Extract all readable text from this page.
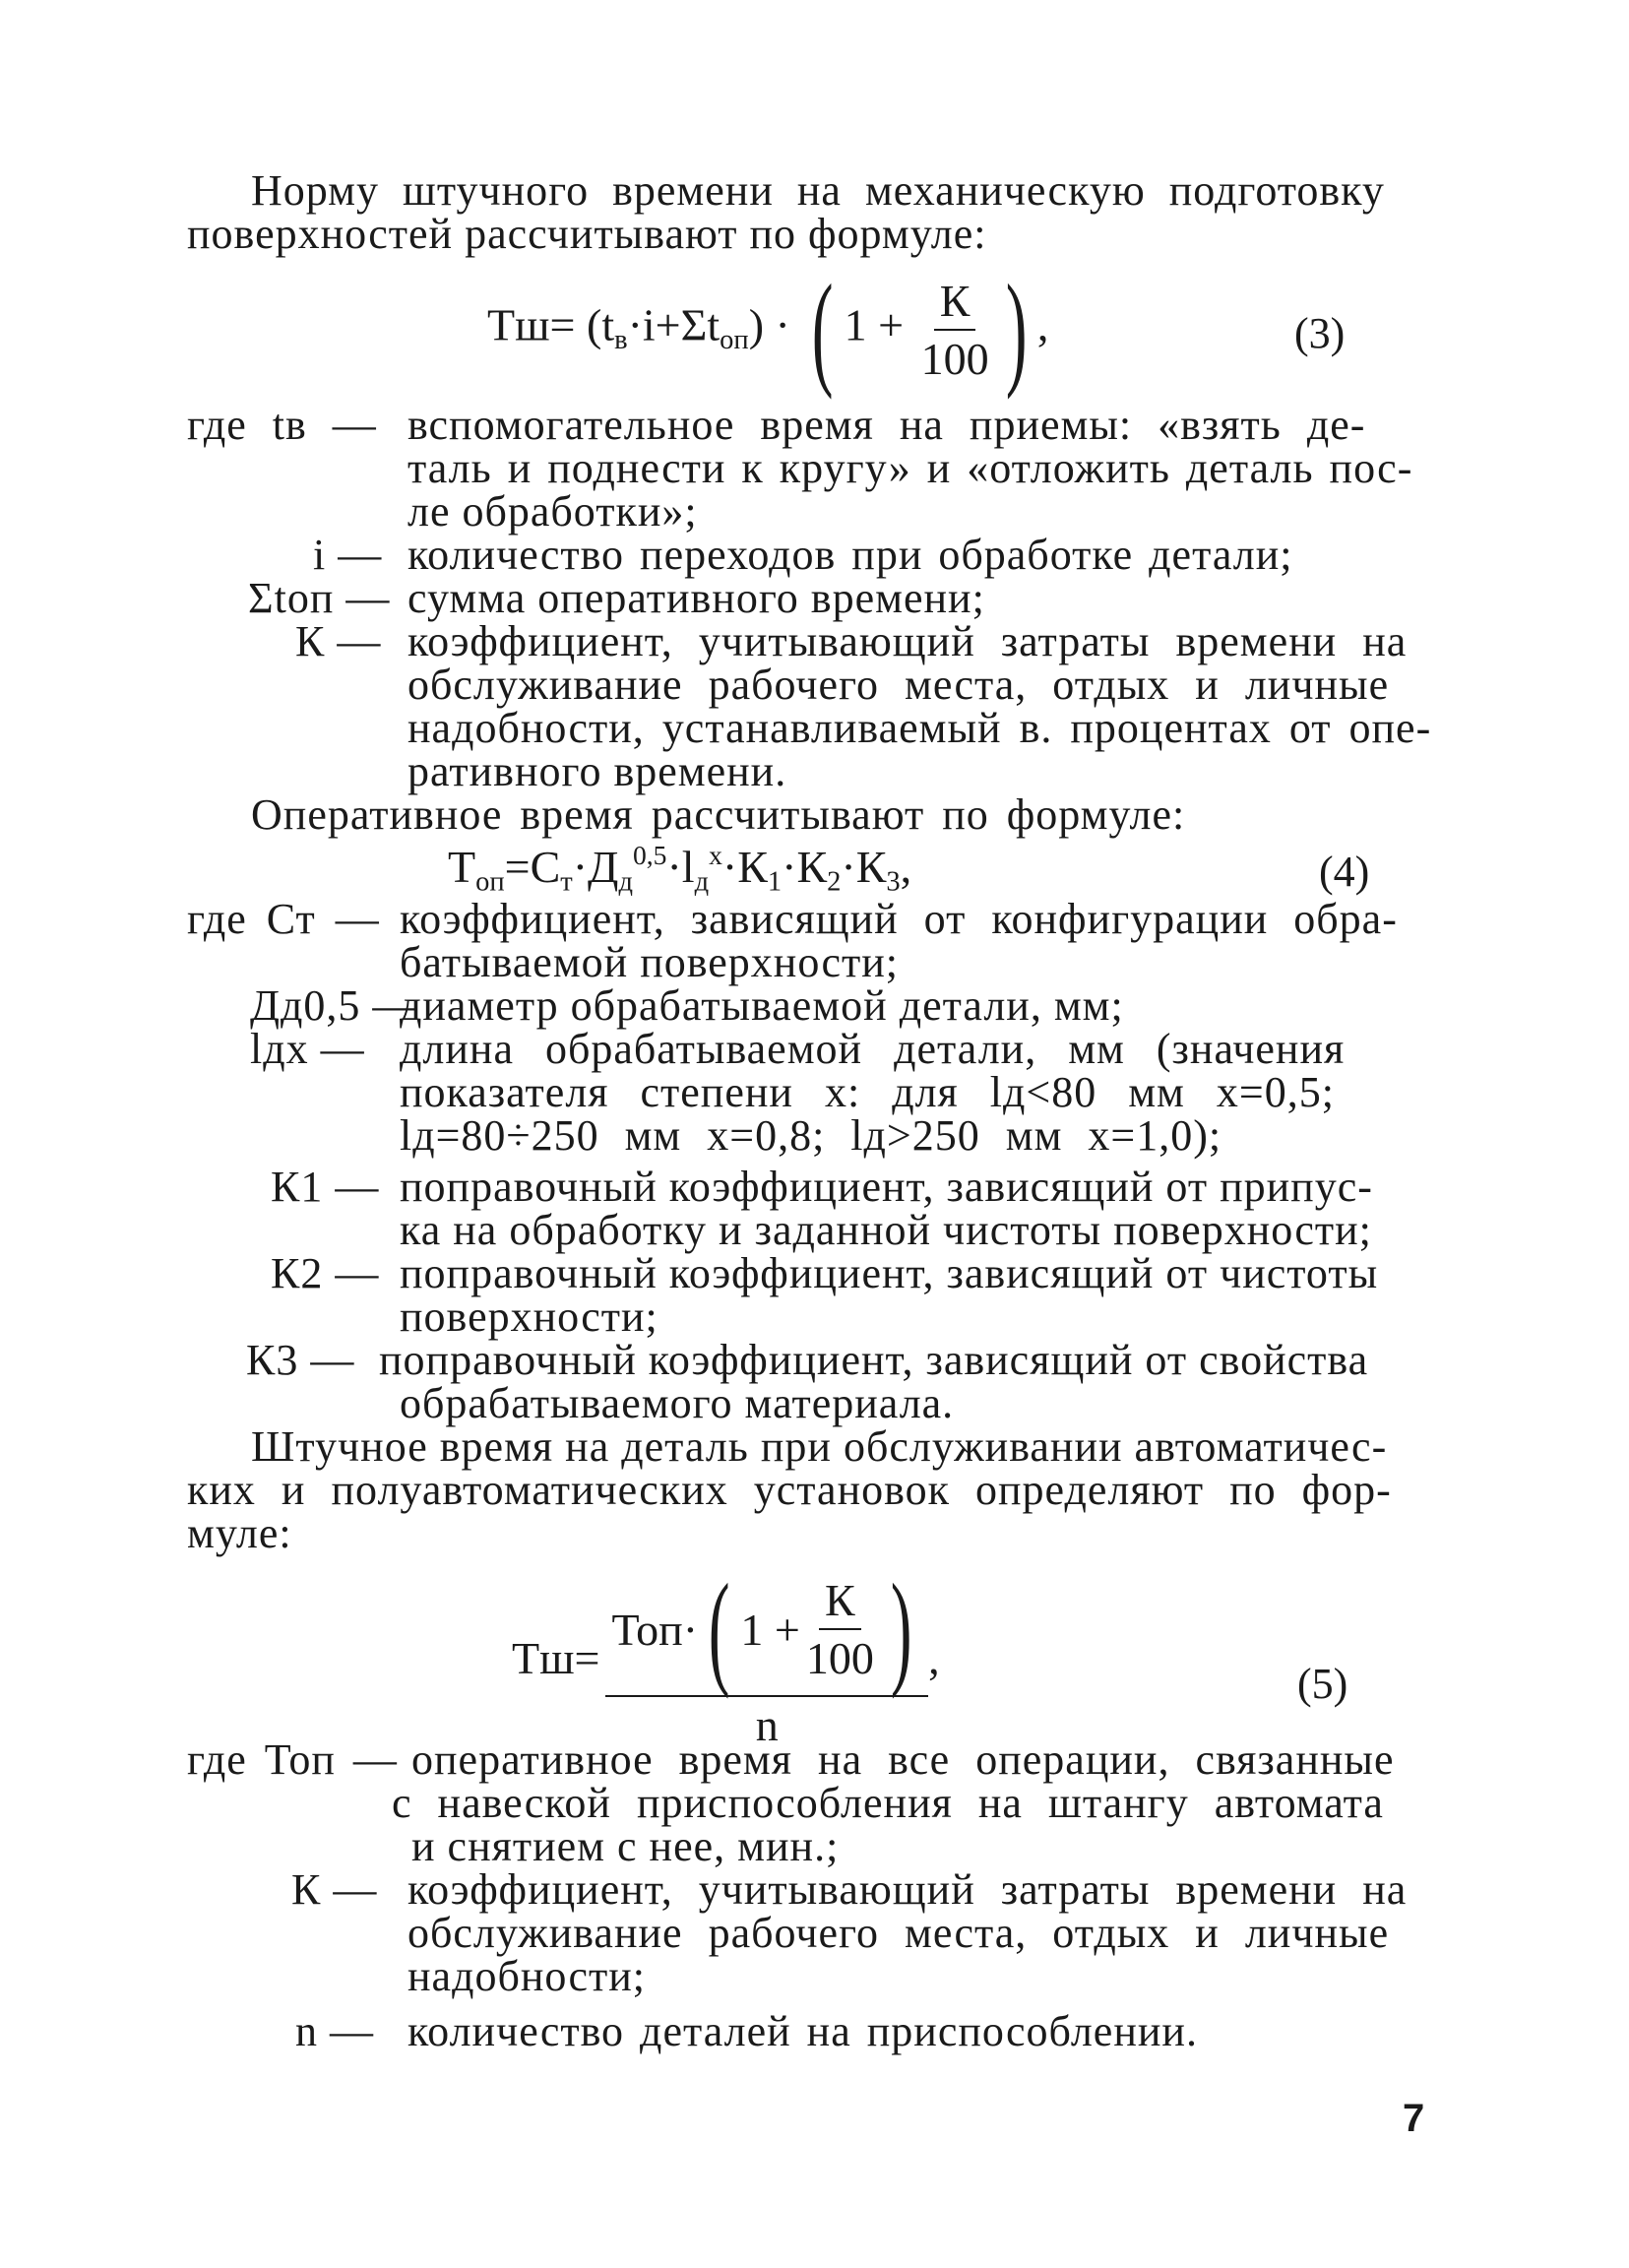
Норму штучного времени на механическую подготовку
поверхностей рассчитывают по формуле:
$Тш= (t_в\cdot i+\Sigma t_{оп})$ · ( $1 + \frac{К}{100}$ ) ,	(3)
где tв — вспомогательное время на приемы: «взять де-
таль и поднести к кругу» и «отложить деталь пос-
ле обработки»;
i — количество переходов при обработке детали;
Σtоп — сумма оперативного времени;
К — коэффициент, учитывающий затраты времени на
обслуживание рабочего места, отдых и личные
надобности, устанавливаемый в. процентах от опе-
ративного времени.
Оперативное время рассчитывают по формуле:
$Т_{оп}=С_т\cdot Д_д^{0,5}\cdot l_д^x\cdot К_1\cdot К_2\cdot К_3$,	(4)
где Ст — коэффициент, зависящий от конфигурации обра-
батываемой поверхности;
Дд0,5 —
диаметр обрабатываемой детали, мм;
lдx — длина обрабатываемой детали, мм (значения
показателя степени x: для lд<80 мм x=0,5;
lд=80÷250 мм x=0,8; lд>250 мм x=1,0);
К1 — поправочный коэффициент, зависящий от припус-
ка на обработку и заданной чистоты поверхности;
К2 — поправочный коэффициент, зависящий от чистоты
поверхности;
К3 — поправочный коэффициент, зависящий от свойства
обрабатываемого материала.
Штучное время на деталь при обслуживании автоматичес-
ких и полуавтоматических установок определяют по фор-
муле:
Тш = $\frac{Топ \cdot ( 1 + \frac{К}{100} )}{n}$ ,
(5)
где Топ — оперативное время на все операции, связанные
с навеской приспособления на штангу автомата
и снятием с нее, мин.;
К — коэффициент, учитывающий затраты времени на
обслуживание рабочего места, отдых и личные
надобности;
n — количество деталей на приспособлении.
7
